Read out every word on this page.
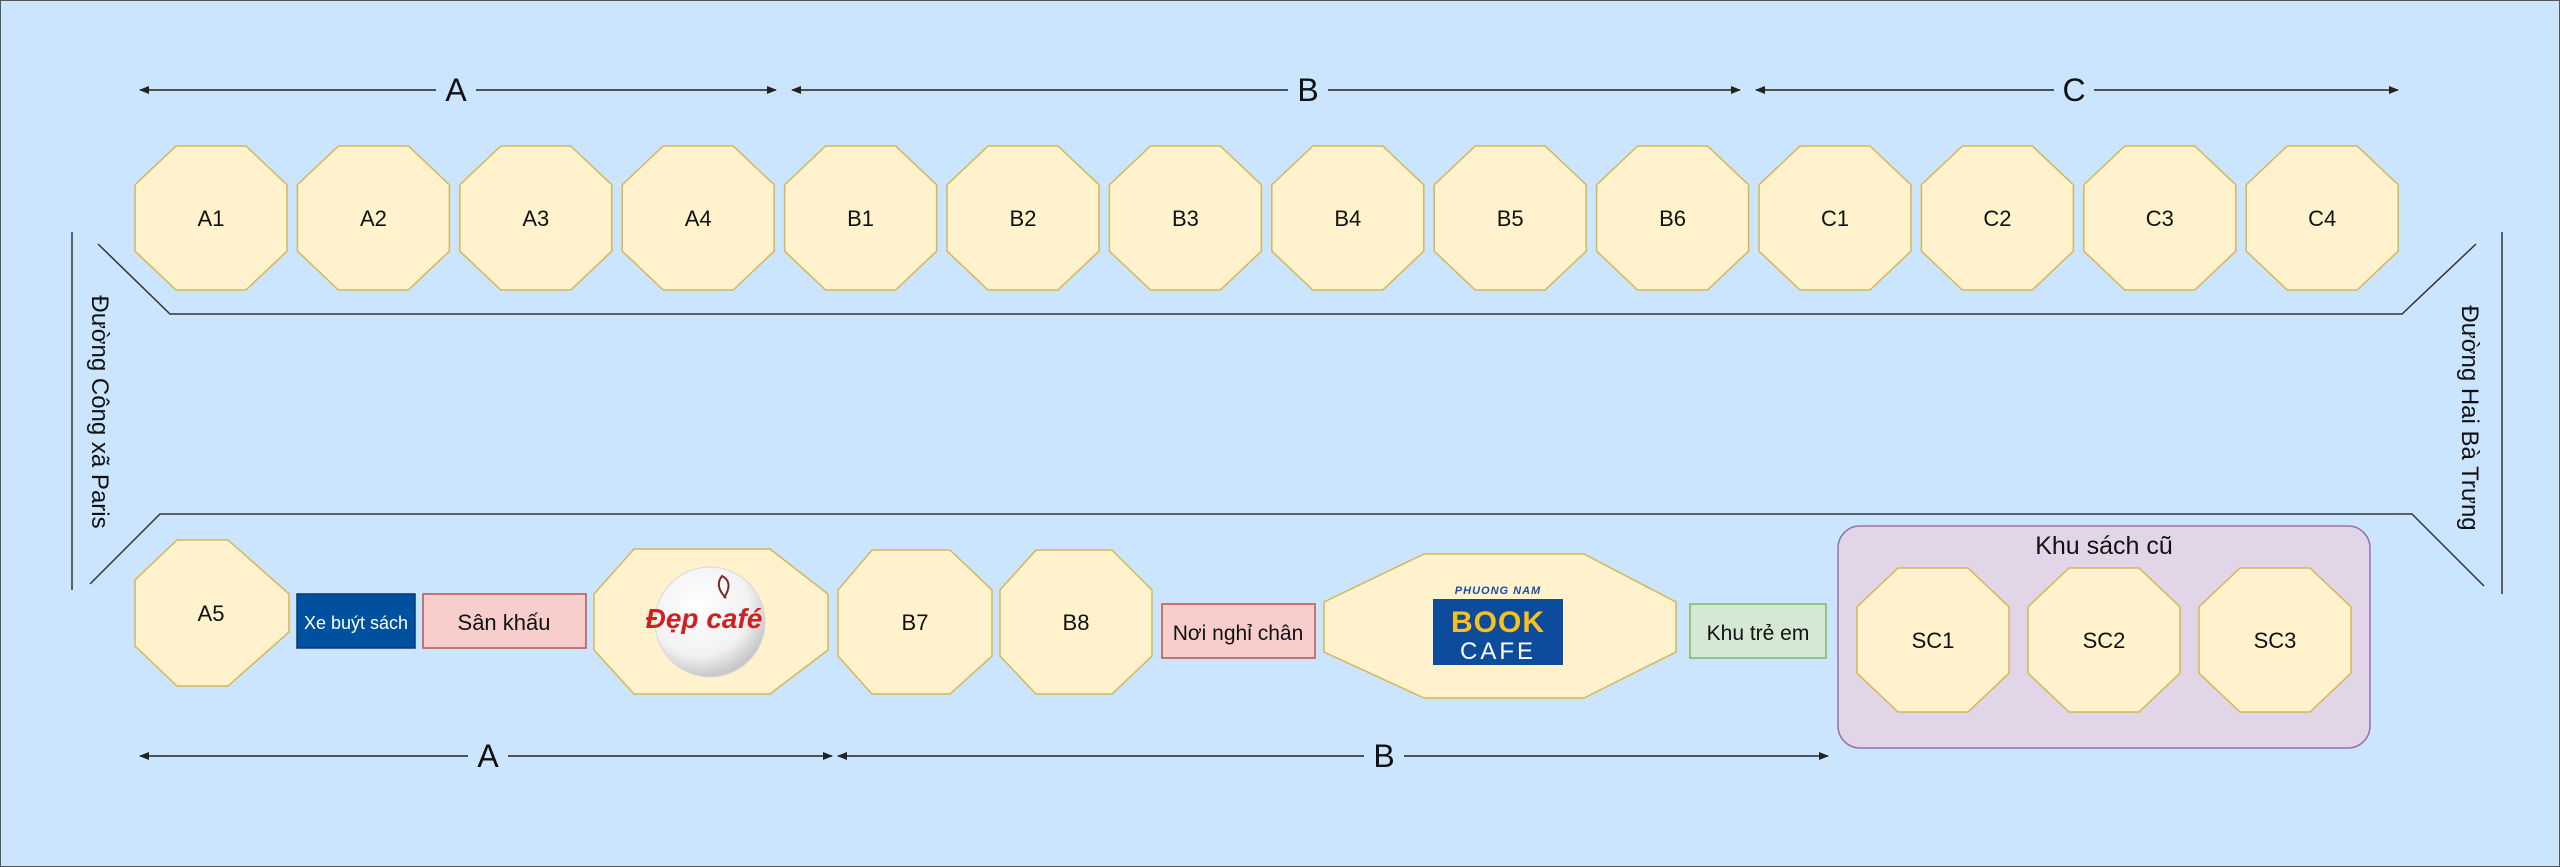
A	B	C
A1	A2	A3	A4	B1	B2	B3	B4	B5	B6	C1	C2	C3	C4
Đường Công xã Paris	Đường Hai Bà Trưng
A5	Xe buýt sách Sân khấu	Đẹp café	B7	B8	Nơi nghỉ chân
PHUONG NAM
BOOK
CAFE
Khu trẻ em
Khu sách cũ
SC1	SC2	SC3
A	B
